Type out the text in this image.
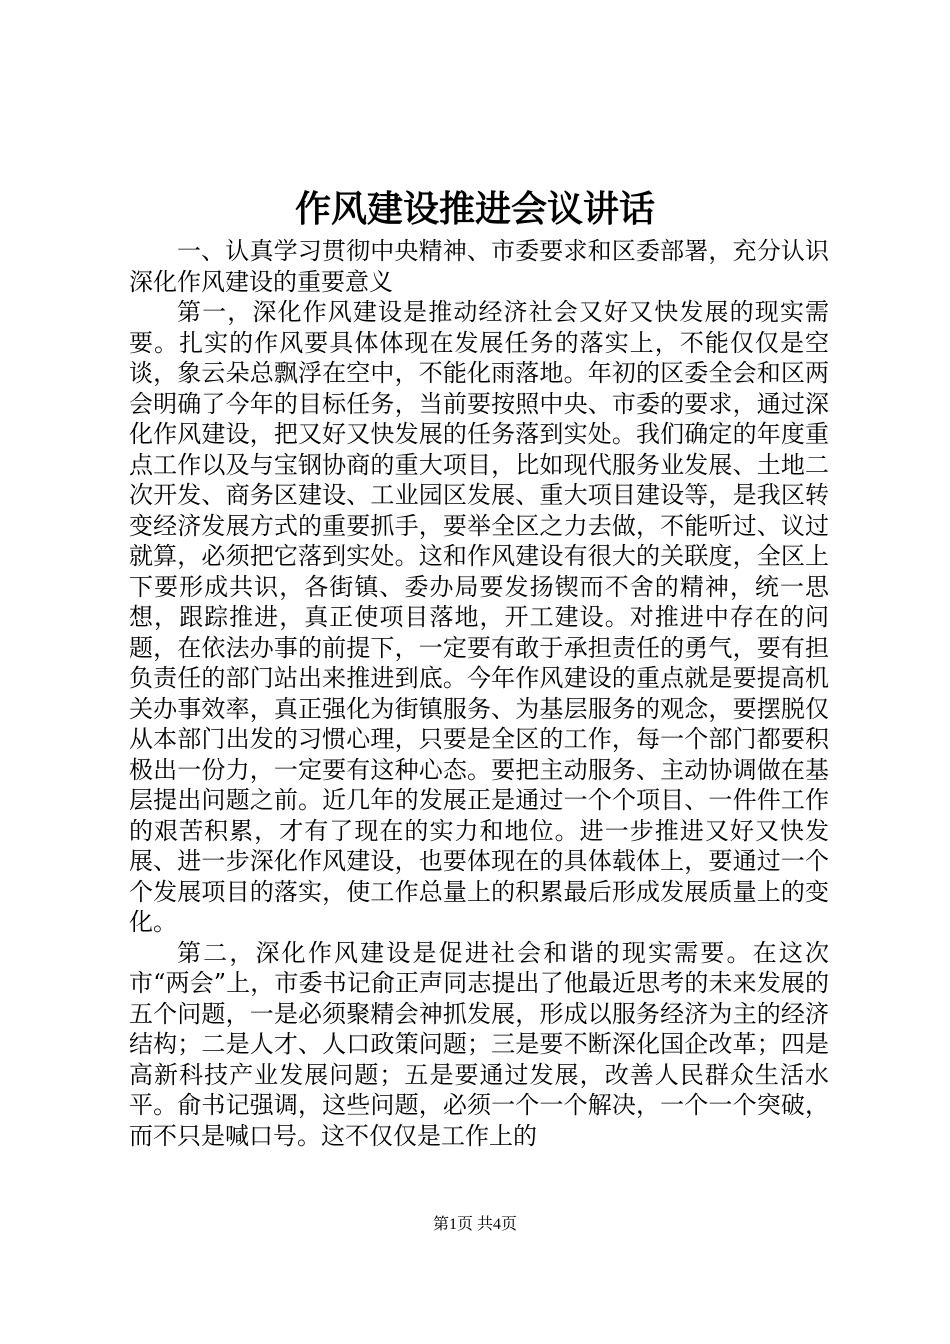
作风建设推进会议讲话

一、认真学习贯彻中央精神、市委要求和区委部署，充分认识深化作风建设的重要意义

第一，深化作风建设是推动经济社会又好又快发展的现实需要。扎实的作风要具体体现在发展任务的落实上，不能仅仅是空谈，象云朵总飘浮在空中，不能化雨落地。年初的区委全会和区两会明确了今年的目标任务，当前要按照中央、市委的要求，通过深化作风建设，把又好又快发展的任务落到实处。我们确定的年度重点工作以及与宝钢协商的重大项目，比如现代服务业发展、土地二次开发、商务区建设、工业园区发展、重大项目建设等，是我区转变经济发展方式的重要抓手，要举全区之力去做，不能听过、议过就算，必须把它落到实处。这和作风建设有很大的关联度，全区上下要形成共识，各街镇、委办局要发扬锲而不舍的精神，统一思想，跟踪推进，真正使项目落地，开工建设。对推进中存在的问题，在依法办事的前提下，一定要有敢于承担责任的勇气，要有担负责任的部门站出来推进到底。今年作风建设的重点就是要提高机关办事效率，真正强化为街镇服务、为基层服务的观念，要摆脱仅从本部门出发的习惯心理，只要是全区的工作，每一个部门都要积极出一份力，一定要有这种心态。要把主动服务、主动协调做在基层提出问题之前。近几年的发展正是通过一个个项目、一件件工作的艰苦积累，才有了现在的实力和地位。进一步推进又好又快发展、进一步深化作风建设，也要体现在的具体载体上，要通过一个个发展项目的落实，使工作总量上的积累最后形成发展质量上的变化。

第二，深化作风建设是促进社会和谐的现实需要。在这次市“两会”上，市委书记俞正声同志提出了他最近思考的未来发展的五个问题，一是必须聚精会神抓发展，形成以服务经济为主的经济结构；二是人才、人口政策问题；三是要不断深化国企改革；四是高新科技产业发展问题；五是要通过发展，改善人民群众生活水平。俞书记强调，这些问题，必须一个一个解决，一个一个突破，而不只是喊口号。这不仅仅是工作上的

第1页 共4页
